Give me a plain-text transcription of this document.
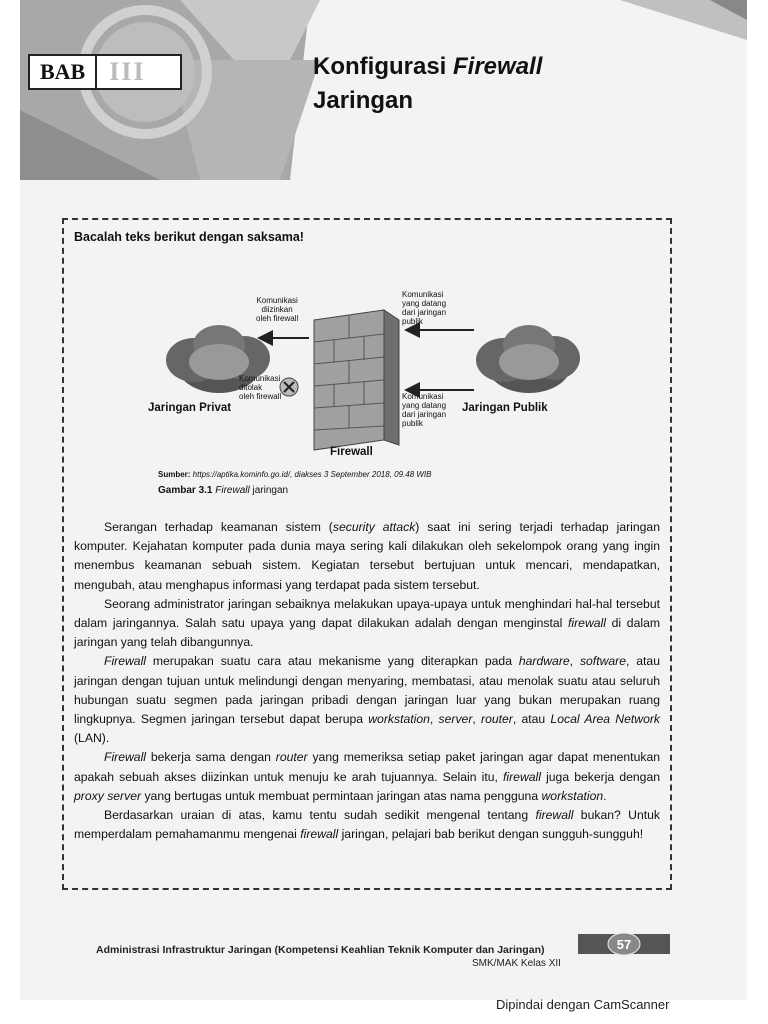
BAB III	Konfigurasi Firewall
Jaringan
Bacalah teks berikut dengan saksama!
Komunikasi
diizinkan
oleh firewall
Komunikasi
ditolak
oleh firewall
Komunikasi
yang datang
dari jaringan
publik
Komunikasi
yang datang
dari jaringan
publik
Jaringan Privat	Jaringan Publik
Firewall
Sumber: https://aptika.kominfo.go.id/, diakses 3 September 2018, 09.48 WIB
Gambar 3.1 Firewall jaringan

Serangan terhadap keamanan sistem (security attack) saat ini sering terjadi terhadap jaringan komputer. Kejahatan komputer pada dunia maya sering kali dilakukan oleh sekelompok orang yang ingin menembus keamanan sebuah sistem. Kegiatan tersebut bertujuan untuk mencari, mendapatkan, mengubah, atau menghapus informasi yang terdapat pada sistem tersebut.

Seorang administrator jaringan sebaiknya melakukan upaya-upaya untuk menghindari hal-hal tersebut dalam jaringannya. Salah satu upaya yang dapat dilakukan adalah dengan menginstal firewall di dalam jaringan yang telah dibangunnya.

Firewall merupakan suatu cara atau mekanisme yang diterapkan pada hardware, software, atau jaringan dengan tujuan untuk melindungi dengan menyaring, membatasi, atau menolak suatu atau seluruh hubungan suatu segmen pada jaringan pribadi dengan jaringan luar yang bukan merupakan ruang lingkupnya. Segmen jaringan tersebut dapat berupa workstation, server, router, atau Local Area Network (LAN).

Firewall bekerja sama dengan router yang memeriksa setiap paket jaringan agar dapat menentukan apakah sebuah akses diizinkan untuk menuju ke arah tujuannya. Selain itu, firewall juga bekerja dengan proxy server yang bertugas untuk membuat permintaan jaringan atas nama pengguna workstation.

Berdasarkan uraian di atas, kamu tentu sudah sedikit mengenal tentang firewall bukan? Untuk memperdalam pemahamanmu mengenai firewall jaringan, pelajari bab berikut dengan sungguh-sungguh!

Administrasi Infrastruktur Jaringan (Kompetensi Keahlian Teknik Komputer dan Jaringan)
SMK/MAK Kelas XII
57
Dipindai dengan CamScanner
